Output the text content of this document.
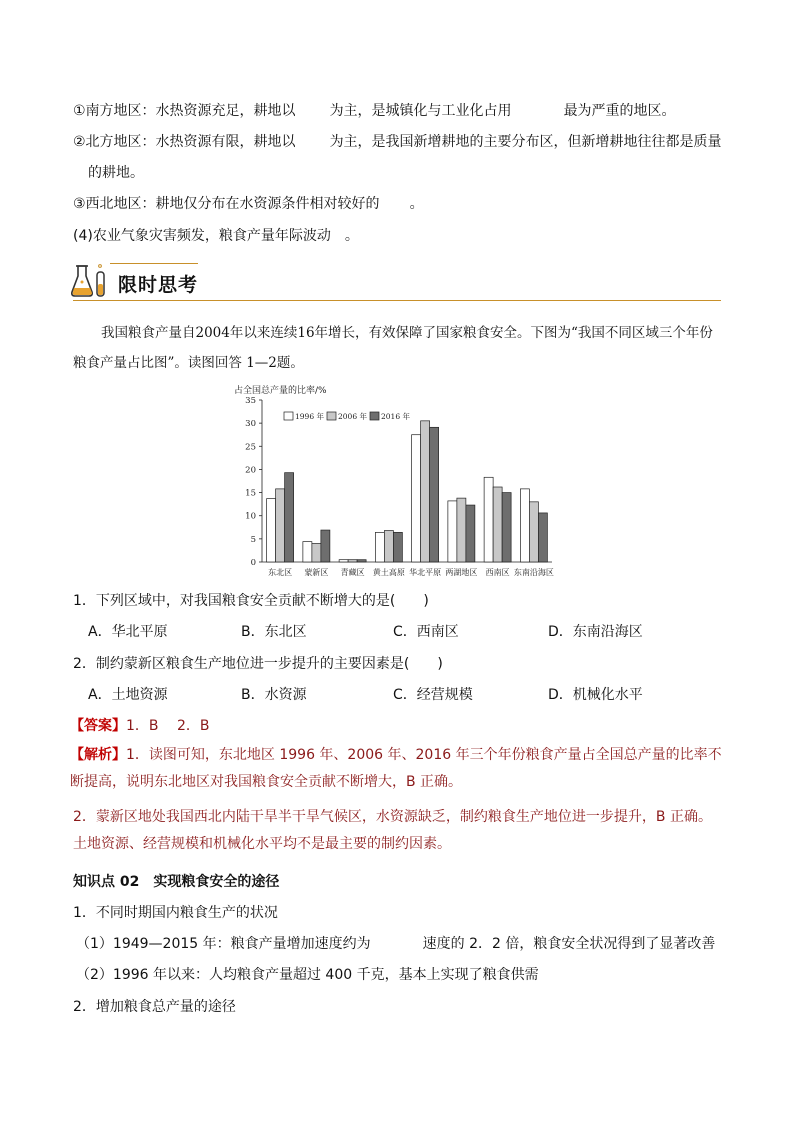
①南方地区：水热资源充足，耕地以 为主，是城镇化与工业化占用	最为严重的地区。
②北方地区：水热资源有限，耕地以 为主，是我国新增耕地的主要分布区，但新增耕地往往都是质量
的耕地。
③西北地区：耕地仅分布在水资源条件相对较好的 。
(4)农业气象灾害频发，粮食产量年际波动 。
限时思考
我国粮食产量自2004年以来连续16年增长，有效保障了国家粮食安全。下图为“我国不同区域三个年份粮食产量占比图”。读图回答 1—2题。
占全国总产量的比率/%
0
5
10
15
20
25
30
35
东北区 蒙新区 青藏区 黄土高原 华北平原 两湖地区 西南区 东南沿海区
1996 年 2006 年 2016 年
1．下列区域中，对我国粮食安全贡献不断增大的是(　　)
A．华北平原	B．东北区	C．西南区	D．东南沿海区
2．制约蒙新区粮食生产地位进一步提升的主要因素是(　　)
A．土地资源	B．水资源	C．经营规模	D．机械化水平
【答案】1．B　 2．B
【解析】1．读图可知，东北地区 1996 年、2006 年、2016 年三个年份粮食产量占全国总产量的比率不断提高，说明东北地区对我国粮食安全贡献不断增大，B 正确。
2．蒙新区地处我国西北内陆干旱半干旱气候区，水资源缺乏，制约粮食生产地位进一步提升，B 正确。土地资源、经营规模和机械化水平均不是最主要的制约因素。
知识点 02　实现粮食安全的途径
1．不同时期国内粮食生产的状况
（1）1949—2015 年：粮食产量增加速度约为	速度的 2．2 倍，粮食安全状况得到了显著改善
（2）1996 年以来：人均粮食产量超过 400 千克，基本上实现了粮食供需
2．增加粮食总产量的途径
